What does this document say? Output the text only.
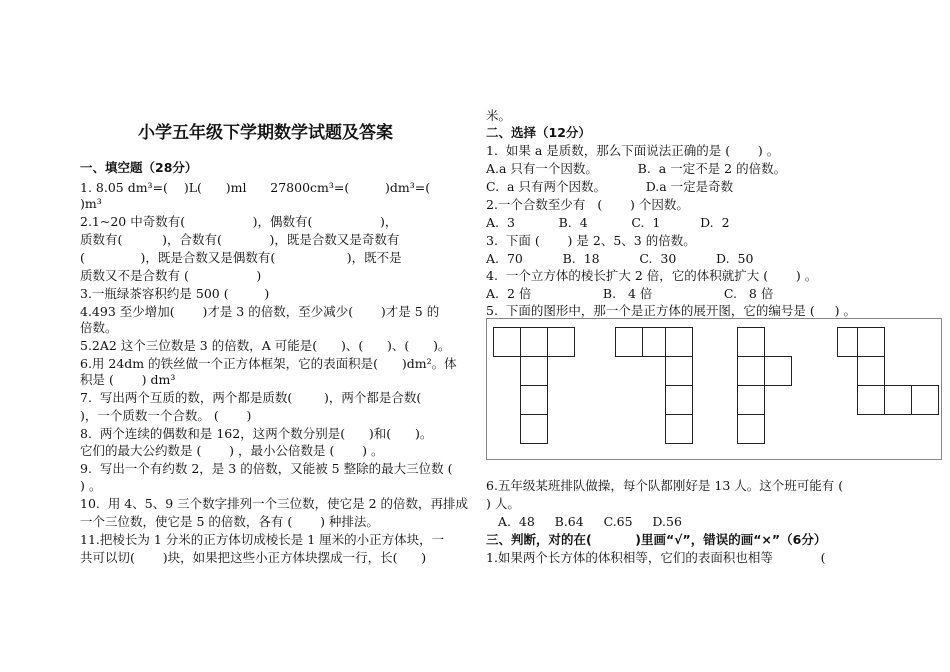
小学五年级下学期数学试题及答案
一、填空题（28分）
1. 8.05 dm³=(    )L(      )ml      27800cm³=(         )dm³=(
)m³
2.1~20 中奇数有(                 )，偶数有(                 )，
质数有(          )，合数有(            )，既是合数又是奇数有
(              )，既是合数又是偶数有(                  )，既不是
质数又不是合数有 (                 )
3.一瓶绿茶容积约是 500 (         )
4.493 至少增加(       )才是 3 的倍数，至少减少(       )才是 5 的
倍数。
5.2A2 这个三位数是 3 的倍数，A 可能是(      )、(      )、(      )。
6.用 24dm 的铁丝做一个正方体框架，它的表面积是(      )dm²。体
积是 (       ) dm³
7.  写出两个互质的数，两个都是质数(        )，两个都是合数(
)，一个质数一个合数。 (       )
8.  两个连续的偶数和是 162，这两个数分别是(      )和(      )。
它们的最大公约数是 (       ) ，最小公倍数是 (       ) 。
9.  写出一个有约数 2，是 3 的倍数，又能被 5 整除的最大三位数 (
) 。
10.  用 4、5、9 三个数字排列一个三位数，使它是 2 的倍数，再排成
一个三位数，使它是 5 的倍数，各有 (       ) 种排法。
11.把棱长为 1 分米的正方体切成棱长是 1 厘米的小正方体块，一
共可以切(       )块，如果把这些小正方体块摆成一行，长(      )
米。
二、选择（12分）
1.  如果 a 是质数，那么下面说法正确的是 (       ) 。
A.a 只有一个因数。          B.  a 一定不是 2 的倍数。
C.  a 只有两个因数。          D.a 一定是奇数
2.一个合数至少有   (       ) 个因数。
A.  3           B.  4           C.  1          D.  2
3.  下面 (       ) 是 2、5、3 的倍数。
A.  70          B.  18          C.  30          D.  50
4.  一个立方体的棱长扩大 2 倍，它的体积就扩大 (       ) 。
A.  2 倍                  B.   4 倍                  C.   8 倍
5.  下面的图形中，那一个是正方体的展开图，它的编号是 (     ) 。
6.五年级某班排队做操，每个队都刚好是 13 人。这个班可能有 (
) 人。
A.  48     B.64     C.65     D.56
三、判断，对的在(          )里画“√”，错误的画“×”（6分）
1.如果两个长方体的体积相等，它们的表面积也相等            (
